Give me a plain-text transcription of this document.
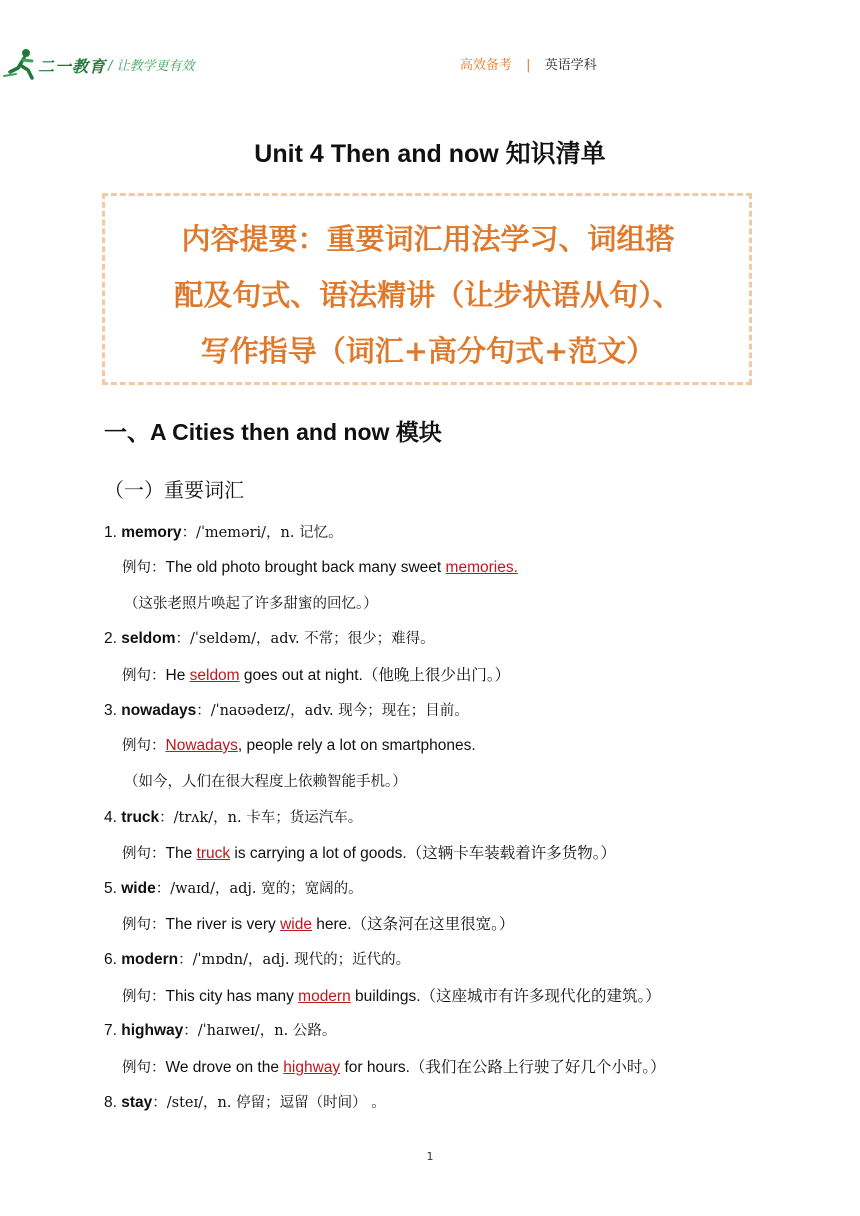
二一教育 / 让教学更有效	高效备考 | 英语学科
Unit 4 Then and now 知识清单
内容提要：重要词汇用法学习、词组搭
配及句式、语法精讲（让步状语从句）、
写作指导（词汇+高分句式+范文）
一、A Cities then and now 模块
（一）重要词汇
1. memory：/ˈmeməri/，n. 记忆。
例句：The old photo brought back many sweet memories.
（这张老照片唤起了许多甜蜜的回忆。）
2. seldom：/ˈseldəm/，adv. 不常；很少；难得。
例句：He seldom goes out at night.（他晚上很少出门。）
3. nowadays：/ˈnaʊədeɪz/，adv. 现今；现在；目前。
例句：Nowadays, people rely a lot on smartphones.
（如今，人们在很大程度上依赖智能手机。）
4. truck：/trʌk/，n. 卡车；货运汽车。
例句：The truck is carrying a lot of goods.（这辆卡车装载着许多货物。）
5. wide：/waɪd/，adj. 宽的；宽阔的。
例句：The river is very wide here.（这条河在这里很宽。）
6. modern：/ˈmɒdn/，adj. 现代的；近代的。
例句：This city has many modern buildings.（这座城市有许多现代化的建筑。）
7. highway：/ˈhaɪweɪ/，n. 公路。
例句：We drove on the highway for hours.（我们在公路上行驶了好几个小时。）
8. stay：/steɪ/，n. 停留；逗留（时间） 。
1
